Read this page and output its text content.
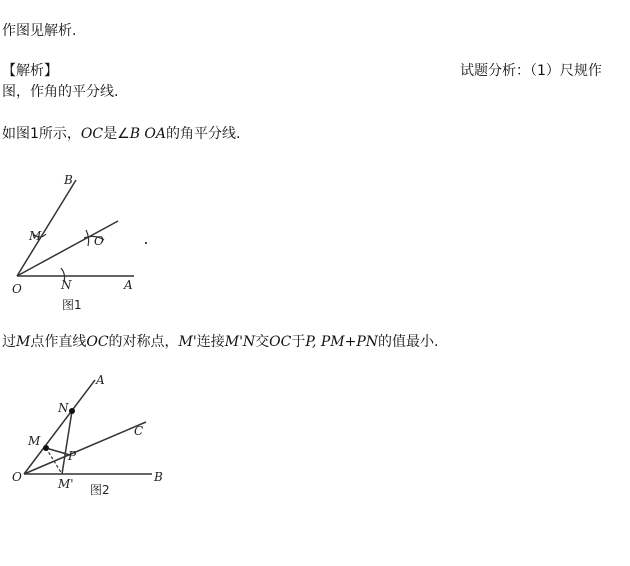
作图见解析.
【解析】	试题分析：（1）尺规作
图，作角的平分线.
如图1所示，OC是∠B OA的角平分线.
过M点作直线OC的对称点，M'连接M'N交OC于P, PM+PN的值最小.
B
M	O
O	N	A
图1
A
N
C
M
P
O	M'	B
图2
